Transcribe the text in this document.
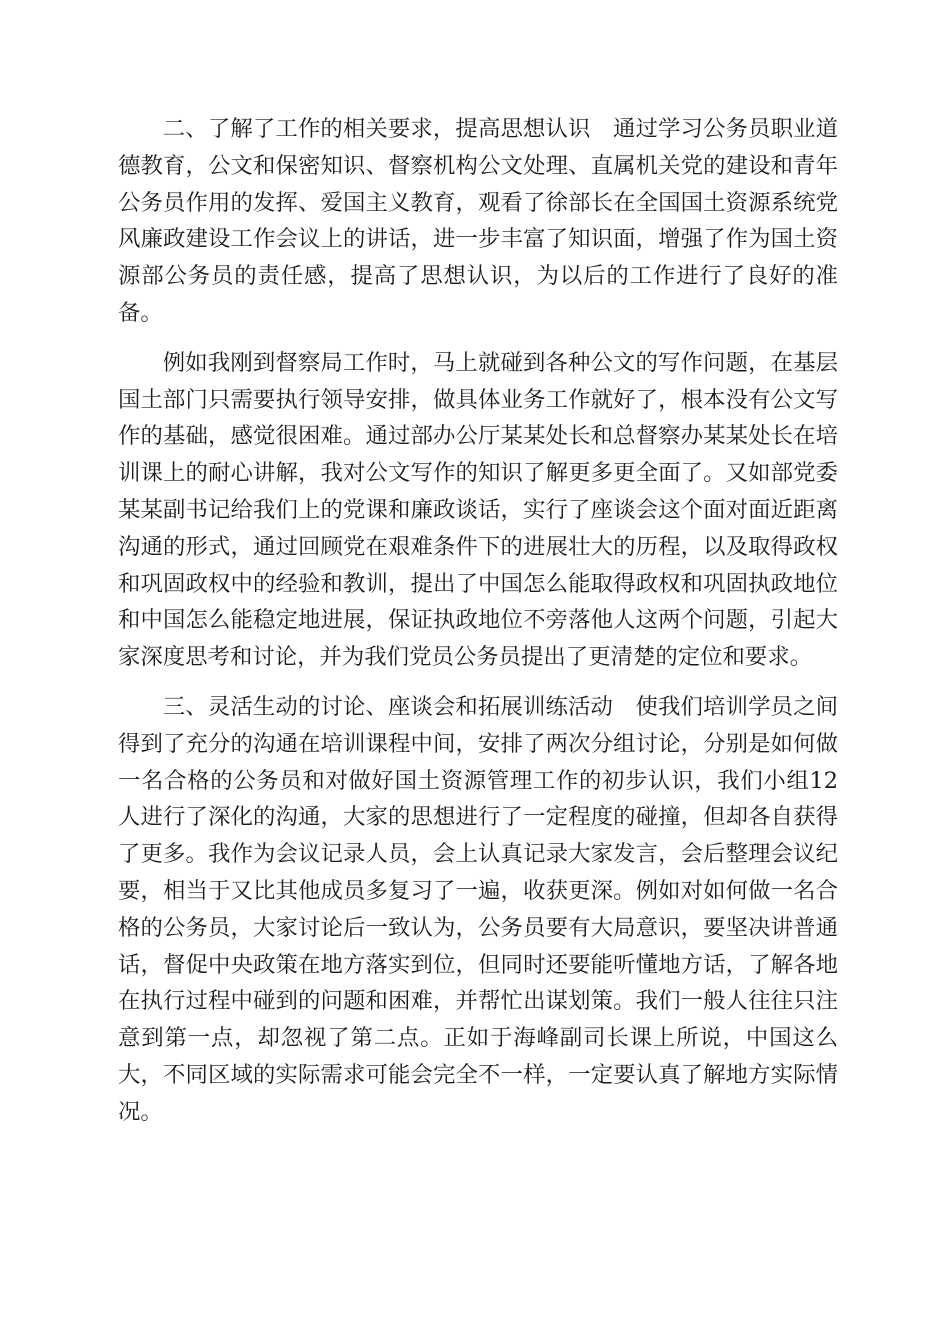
二、了解了工作的相关要求，提高思想认识　通过学习公务员职业道德教育，公文和保密知识、督察机构公文处理、直属机关党的建设和青年公务员作用的发挥、爱国主义教育，观看了徐部长在全国国土资源系统党风廉政建设工作会议上的讲话，进一步丰富了知识面，增强了作为国土资源部公务员的责任感，提高了思想认识，为以后的工作进行了良好的准备。

例如我刚到督察局工作时，马上就碰到各种公文的写作问题，在基层国土部门只需要执行领导安排，做具体业务工作就好了，根本没有公文写作的基础，感觉很困难。通过部办公厅某某处长和总督察办某某处长在培训课上的耐心讲解，我对公文写作的知识了解更多更全面了。又如部党委某某副书记给我们上的党课和廉政谈话，实行了座谈会这个面对面近距离沟通的形式，通过回顾党在艰难条件下的进展壮大的历程，以及取得政权和巩固政权中的经验和教训，提出了中国怎么能取得政权和巩固执政地位和中国怎么能稳定地进展，保证执政地位不旁落他人这两个问题，引起大家深度思考和讨论，并为我们党员公务员提出了更清楚的定位和要求。

三、灵活生动的讨论、座谈会和拓展训练活动　使我们培训学员之间得到了充分的沟通在培训课程中间，安排了两次分组讨论，分别是如何做一名合格的公务员和对做好国土资源管理工作的初步认识，我们小组12人进行了深化的沟通，大家的思想进行了一定程度的碰撞，但却各自获得了更多。我作为会议记录人员，会上认真记录大家发言，会后整理会议纪要，相当于又比其他成员多复习了一遍，收获更深。例如对如何做一名合格的公务员，大家讨论后一致认为，公务员要有大局意识，要坚决讲普通话，督促中央政策在地方落实到位，但同时还要能听懂地方话，了解各地在执行过程中碰到的问题和困难，并帮忙出谋划策。我们一般人往往只注意到第一点，却忽视了第二点。正如于海峰副司长课上所说，中国这么大，不同区域的实际需求可能会完全不一样，一定要认真了解地方实际情况。
